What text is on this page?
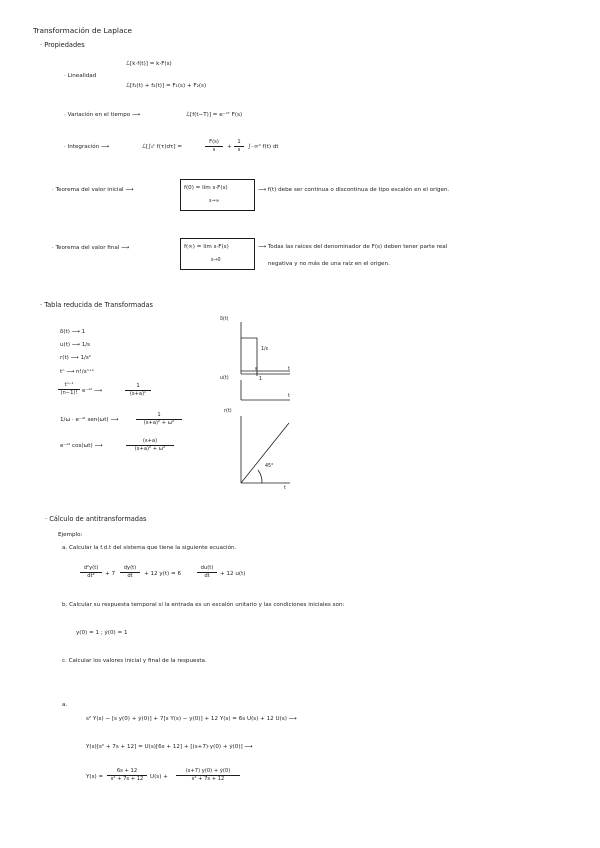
Transformación de Laplace
· Propiedades
· Linealidad
ℒ[k·f(t)] = k·F(s)
ℒ[f₁(t) + f₂(t)] = F₁(s) + F₂(s)
· Variación en el tiempo ⟶	ℒ[f(t−T)] = e⁻ˢᵀ F(s)
· Integración ⟶	ℒ[∫₀ᵗ f(τ)dτ] =
F(s)
s
+
1
s
∫₋∞⁰ f(t) dt
· Teorema del valor inicial ⟶	f(0) = lím s·F(s)
s→∞
⟶ f(t) debe ser continua o discontinua de tipo escalón en el origen.
· Teorema del valor final ⟶	f(∞) = lím s·F(s)
s→0
⟶ Todas las raíces del denominador de F(s) deben tener parte real
negativa y no más de una raíz en el origen.
· Tabla reducida de Transformadas
δ(t) ⟶ 1
u(t) ⟶ 1/s
r(t) ⟶ 1/s²
tⁿ ⟶ n!/sⁿ⁺¹
tⁿ⁻¹
(n−1)! e⁻ᵃᵗ ⟶
1
(s+a)ⁿ
1/ω · e⁻ᵃᵗ sen(ωt) ⟶
1
(s+a)² + ω²
e⁻ᵃᵗ cos(ωt) ⟶
(s+a)
(s+a)² + ω²
δ(t)
1/ε
ε	t
u(t)	1
t
r(t)
45°
t
· Cálculo de antitransformadas
Ejemplo:
a. Calcular la f.d.t del sistema que tiene la siguiente ecuación.
d²y(t)
dt²	+ 7
dy(t)
dt	+ 12 y(t) = 6
du(t)
dt	+ 12 u(t)
b. Calcular su respuesta temporal si la entrada es un escalón unitario y las condiciones iniciales son:
y(0) = 1 ; ẏ(0) = 1
c. Calcular los valores inicial y final de la respuesta.
a.
s² Y(s) − [s y(0) + ẏ(0)] + 7[s Y(s) − y(0)] + 12 Y(s) = 6s U(s) + 12 U(s) ⟶
Y(s)[s² + 7s + 12] = U(s)[6s + 12] + [(s+7)·y(0) + ẏ(0)] ⟶
Y(s) =
6s + 12
s² + 7s + 12	U(s) +
(s+7) y(0) + ẏ(0)
s² + 7s + 12
